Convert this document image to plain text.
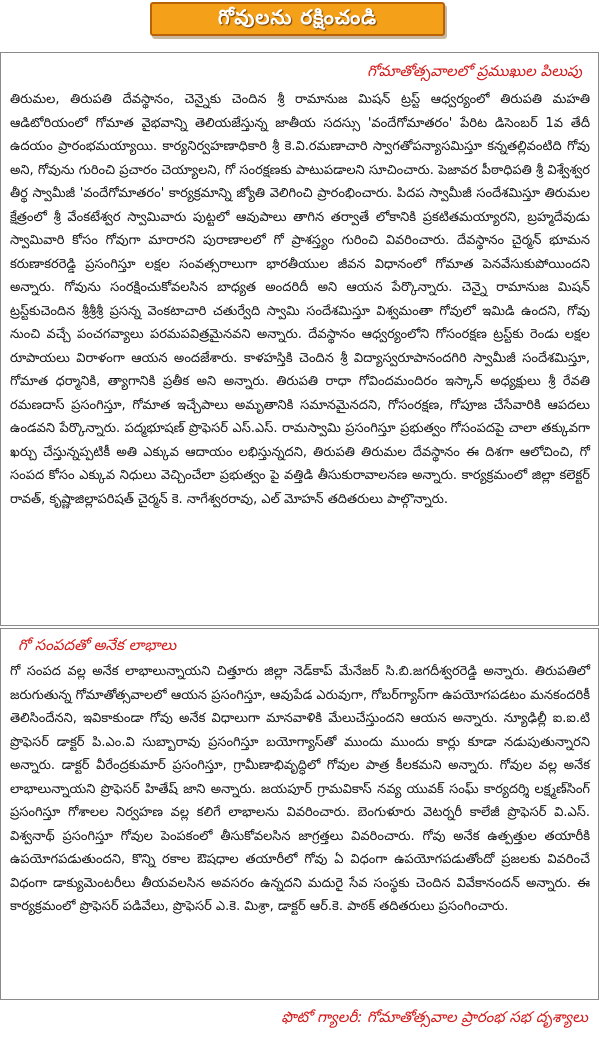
గోవులను రక్షించండి
గోమాతోత్సవాలలో ప్రముఖుల పిలుపు

తిరుమల, తిరుపతి దేవస్థానం, చెన్నైకు చెందిన శ్రీ రామానుజ మిషన్ ట్రస్ట్ ఆధ్వర్యంలో తిరుపతి మహతి ఆడిటోరియంలో గోమాత వైభవాన్ని తెలియజేస్తున్న జాతీయ సదస్సు 'వందేగోమాతరం' పేరిట డిసెంబర్ 1వ తేదీ ఉదయం ప్రారంభమయ్యాయి. కార్యనిర్వహణాధికారి శ్రీ కె.వి.రమణాచారి స్వాగతోపన్యాసమిస్తూ కన్నతల్లివంటిది గోవు అని, గోవును గురించి ప్రచారం చెయ్యాలని, గో సంరక్షణకు పాటుపడాలని సూచించారు. పెజావర పీఠాధిపతి శ్రీ విశ్వేశ్వర తీర్థ స్వామీజీ 'వందేగోమాతరం' కార్యక్రమాన్ని జ్యోతి వెలిగించి ప్రారంభించారు. పిదప స్వామీజీ సందేశమిస్తూ తిరుమల క్షేత్రంలో శ్రీ వేంకటేశ్వర స్వామివారు పుట్టలో ఆవుపాలు తాగిన తర్వాతే లోకానికి ప్రకటితమయ్యారని, బ్రహ్మదేవుడు స్వామివారి కోసం గోవుగా మారారని పురాణాలలో గో ప్రాశస్త్యం గురించి వివరించారు. దేవస్థానం చైర్మన్ భూమన కరుణాకరరెడ్డి ప్రసంగిస్తూ లక్షల సంవత్సరాలుగా భారతీయుల జీవన విధానంలో గోమాత పెనవేసుకుపోయిందని అన్నారు. గోవును సంరక్షించుకోవలసిన బాధ్యత అందరిదీ అని ఆయన పేర్కొన్నారు. చెన్నై రామానుజ మిషన్ ట్రస్ట్‌కుచెందిన శ్రీశ్రీశ్రీ ప్రసన్న వెంకటాచారి చతుర్వేది స్వామి సందేశమిస్తూ విశ్వమంతా గోవులో ఇమిడి ఉందని, గోవు నుంచి వచ్చే పంచగవ్యాలు పరమపవిత్రమైనవని అన్నారు. దేవస్థానం ఆధ్వర్యంలోని గోసంరక్షణ ట్రస్ట్‌కు రెండు లక్షల రూపాయలు విరాళంగా ఆయన అందజేశారు. కాళహస్తికి చెందిన శ్రీ విద్యాస్వరూపానందగిరి స్వామీజీ సందేశమిస్తూ, గోమాత ధర్మానికి, త్యాగానికి ప్రతీక అని అన్నారు. తిరుపతి రాధా గోవిందమందిరం ఇస్కాన్ అధ్యక్షులు శ్రీ రేవతి రమణదాస్ ప్రసంగిస్తూ, గోమాత ఇచ్చేపాలు అమృతానికి సమానమైనదని, గోసంరక్షణ, గోపూజ చేసేవారికి ఆపదలు ఉండవని పేర్కొన్నారు. పద్మభూషణ్ ప్రొఫెసర్ ఎస్.ఎస్. రామస్వామి ప్రసంగిస్తూ ప్రభుత్వం గోసంపదపై చాలా తక్కువగా ఖర్చు చేస్తున్నప్పటికీ అతి ఎక్కువ ఆదాయం లభిస్తున్నదని, తిరుపతి తిరుమల దేవస్థానం ఈ దిశగా ఆలోచించి, గో సంపద కోసం ఎక్కువ నిధులు వెచ్చించేలా ప్రభుత్వం పై వత్తిడి తీసుకురావాలనణ అన్నారు. కార్యక్రమంలో జిల్లా కలెక్టర్ రావత్, కృష్ణాజిల్లాపరిషత్ చైర్మన్ కె. నాగేశ్వరరావు, ఎల్ మోహన్ తదితరులు పాల్గొన్నారు.

గో సంపదతో అనేక లాభాలు

గో సంపద వల్ల అనేక లాభాలున్నాయని చిత్తూరు జిల్లా నెడ్‌కాప్ మేనేజర్ సి.బి.జగదీశ్వరరెడ్డి అన్నారు. తిరుపతిలో జరుగుతున్న గోమాతోత్సవాలలో ఆయన ప్రసంగిస్తూ, ఆవుపేడ ఎరువుగా, గోబర్‌గ్యాస్‌గా ఉపయోగపడటం మనకందరికీ తెలిసిందేనని, ఇవికాకుండా గోవు అనేక విధాలుగా మానవాళికి మేలుచేస్తుందని ఆయన అన్నారు. న్యూఢిల్లీ ఐ.ఐ.టి ప్రొఫెసర్ డాక్టర్ పి.ఎం.వి సుబ్బారావు ప్రసంగిస్తూ బయోగ్యాస్‌తో ముందు ముందు కార్లు కూడా నడుపుతున్నారని అన్నారు. డాక్టర్ వీరేంద్రకుమార్ ప్రసంగిస్తూ, గ్రామీణాభివృద్ధిలో గోవుల పాత్ర కీలకమని అన్నారు. గోవుల వల్ల అనేక లాభాలున్నాయని ప్రొఫెసర్ హితేష్ జాని అన్నారు. జయపూర్ గ్రామవికాస్ నవ్య యువక్ సంఘ్ కార్యదర్శి లక్ష్మణ్‌సింగ్ ప్రసంగిస్తూ గోశాలల నిర్వహణ వల్ల కలిగే లాభాలను వివరించారు. బెంగుళూరు వెటర్నరీ కాలేజీ ప్రొఫెసర్ వి.ఎస్. విశ్వనాథ్ ప్రసంగిస్తూ గోవుల పెంపకంలో తీసుకోవలసిన జాగ్రత్తలు వివరించారు. గోవు అనేక ఉత్పత్తుల తయారీకి ఉపయోగపడుతుందని, కొన్ని రకాల ఔషధాల తయారీలో గోవు ఏ విధంగా ఉపయోగపడుతోందో ప్రజలకు వివరించే విధంగా డాక్యుమెంటరీలు తీయవలసిన అవసరం ఉన్నదని మదురై సేవ సంస్థకు చెందిన వివేకానందన్ అన్నారు. ఈ కార్యక్రమంలో ప్రొఫెసర్ పడివేలు, ప్రొఫెసర్ ఎ.కె. మిశ్రా, డాక్టర్ ఆర్.కె. పాఠక్ తదితరులు ప్రసంగించారు.

ఫొటో గ్యాలరీ: గోమాతోత్సవాల ప్రారంభ సభ దృశ్యాలు
